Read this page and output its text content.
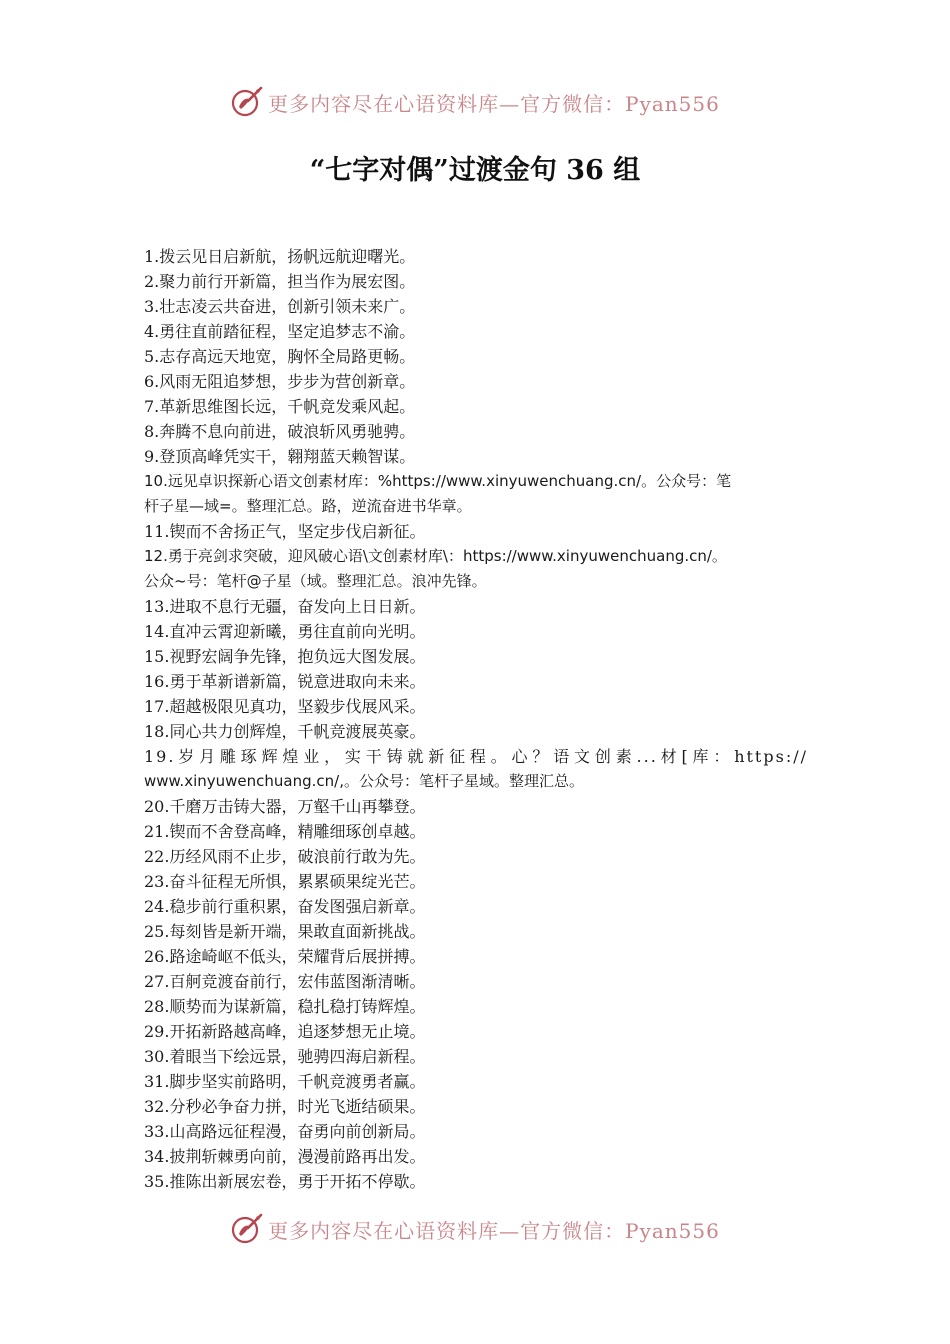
更多内容尽在心语资料库—官方微信：Pyan556
“七字对偶”过渡金句 36 组
1.拨云见日启新航，扬帆远航迎曙光。
2.聚力前行开新篇，担当作为展宏图。
3.壮志凌云共奋进，创新引领未来广。
4.勇往直前踏征程，坚定追梦志不渝。
5.志存高远天地宽，胸怀全局路更畅。
6.风雨无阻追梦想，步步为营创新章。
7.革新思维图长远，千帆竞发乘风起。
8.奔腾不息向前进，破浪斩风勇驰骋。
9.登顶高峰凭实干，翱翔蓝天赖智谋。
10.远见卓识探新心语文创素材库：%https://www.xinyuwenchuang.cn/。公众号：笔
杆子星—域=。整理汇总。路，逆流奋进书华章。
11.锲而不舍扬正气，坚定步伐启新征。
12.勇于亮剑求突破，迎风破心语\文创素材库\：https://www.xinyuwenchuang.cn/。
公众~号：笔杆@子星（域。整理汇总。浪冲先锋。
13.进取不息行无疆，奋发向上日日新。
14.直冲云霄迎新曦，勇往直前向光明。
15.视野宏阔争先锋，抱负远大图发展。
16.勇于革新谱新篇，锐意进取向未来。
17.超越极限见真功，坚毅步伐展风采。
18.同心共力创辉煌，千帆竞渡展英豪。
19.岁月雕琢辉煌业，实干铸就新征程。心？语文创素...材[库：https://
www.xinyuwenchuang.cn/,。公众号：笔杆子星域。整理汇总。
20.千磨万击铸大器，万壑千山再攀登。
21.锲而不舍登高峰，精雕细琢创卓越。
22.历经风雨不止步，破浪前行敢为先。
23.奋斗征程无所惧，累累硕果绽光芒。
24.稳步前行重积累，奋发图强启新章。
25.每刻皆是新开端，果敢直面新挑战。
26.路途崎岖不低头，荣耀背后展拼搏。
27.百舸竞渡奋前行，宏伟蓝图渐清晰。
28.顺势而为谋新篇，稳扎稳打铸辉煌。
29.开拓新路越高峰，追逐梦想无止境。
30.着眼当下绘远景，驰骋四海启新程。
31.脚步坚实前路明，千帆竞渡勇者赢。
32.分秒必争奋力拼，时光飞逝结硕果。
33.山高路远征程漫，奋勇向前创新局。
34.披荆斩棘勇向前，漫漫前路再出发。
35.推陈出新展宏卷，勇于开拓不停歇。
更多内容尽在心语资料库—官方微信：Pyan556
